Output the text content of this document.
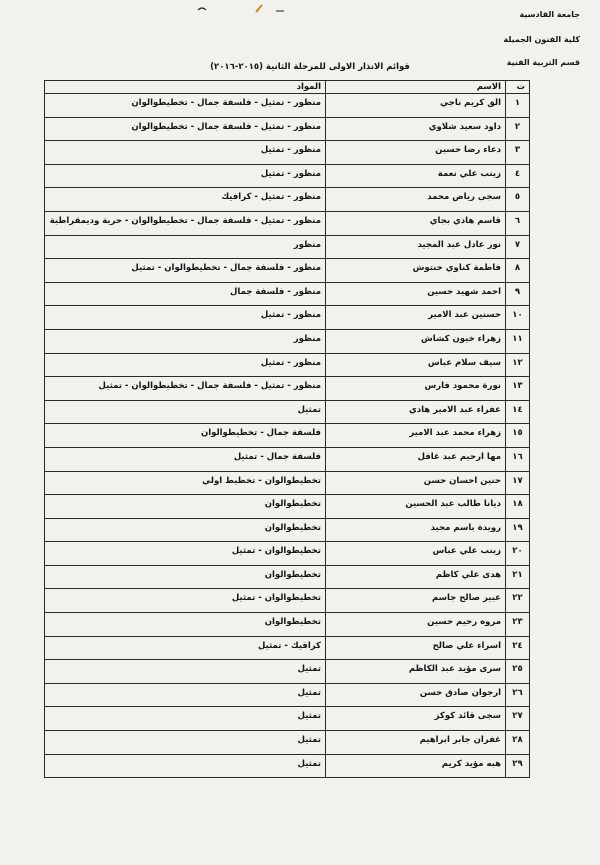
جامعة القادسية
كلية الفنون الجميلة
قسم التربية الفنية
قوائم الانذار الاولى للمرحلة الثانية (٢٠١٥-٢٠١٦)
ت	الاسم	المواد
١	الق كريم ناجي	منظور - تمثيل - فلسفة جمال - تخطيطوالوان
٢	داود سعيد شلاوي	منظور - تمثيل - فلسفة جمال - تخطيطوالوان
٣	دعاء رضا حسين	منظور - تمثيل
٤	زينب علي نعمة	منظور - تمثيل
٥	سجى رياض محمد	منظور - تمثيل - كرافيك
٦	قاسم هادي بجاي	منظور - تمثيل - فلسفة جمال - تخطيطوالوان - حرية وديمقراطية
٧	نور عادل عبد المجيد	منظور
٨	فاطمة كناوي حنتوش	منظور - فلسفة جمال - تخطيطوالوان - تمثيل
٩	احمد شهيد حسين	منظور - فلسفة جمال
١٠	حسنين عبد الامير	منظور - تمثيل
١١	زهراء خيون كشاش	منظور
١٢	سيف سلام عباس	منظور - تمثيل
١٣	نورة محمود فارس	منظور - تمثيل - فلسفة جمال - تخطيطوالوان - تمثيل
١٤	عفراء عبد الامير هادي	تمثيل
١٥	زهراء محمد عبد الامير	فلسفة جمال - تخطيطوالوان
١٦	مها ارحيم عبد غافل	فلسفة جمال - تمثيل
١٧	حنين احسان حسن	تخطيطوالوان - تخطيط اولي
١٨	ديانا طالب عبد الحسين	تخطيطوالوان
١٩	رويدة باسم مجيد	تخطيطوالوان
٢٠	زينب علي عباس	تخطيطوالوان - تمثيل
٢١	هدى علي كاظم	تخطيطوالوان
٢٢	عبير صالح جاسم	تخطيطوالوان - تمثيل
٢٣	مروه رحيم حسين	تخطيطوالوان
٢٤	اسراء علي صالح	كرافيك - تمثيل
٢٥	سرى مؤيد عبد الكاظم	تمثيل
٢٦	ارجوان صادق حسن	تمثيل
٢٧	سجى قائد كوكز	تمثيل
٢٨	غفران جابر ابراهيم	تمثيل
٢٩	هبه مؤيد كريم	تمثيل
